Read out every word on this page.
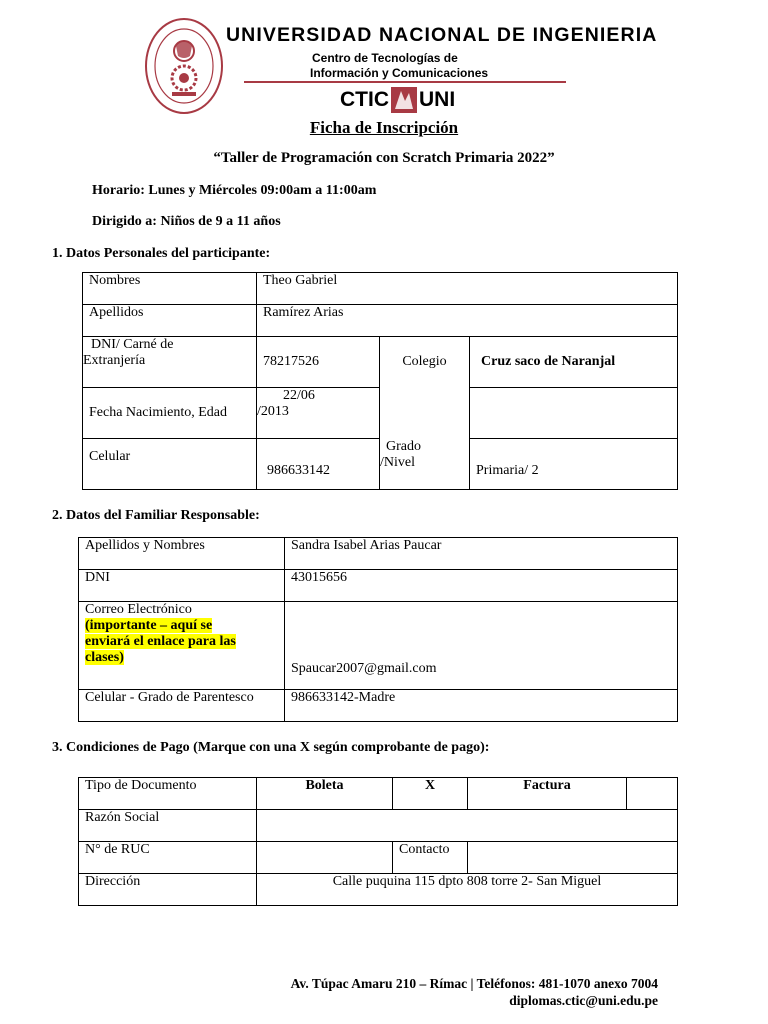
UNIVERSIDAD NACIONAL DE INGENIERIA
Centro de Tecnologías de
Información y Comunicaciones
CTIC UNI
Ficha de Inscripción
“Taller de Programación con Scratch Primaria 2022”
Horario: Lunes y Miércoles 09:00am a 11:00am
Dirigido a: Niños de 9 a 11 años
1. Datos Personales del participante:
Nombres	Theo Gabriel		
Apellidos	Ramírez Arias		

DNI/ Carné de
Extranjería	78217526	Colegio	Cruz saco de Naranjal
Fecha Nacimiento, Edad	22/06
/2013		

Celular	986633142	Grado
/Nivel	Primaria/ 2
2. Datos del Familiar Responsable:
Apellidos y Nombres	Sandra Isabel Arias Paucar
DNI	43015656

Correo Electrónico
(importante – aquí se
enviará el enlace para las
clases)	Spaucar2007@gmail.com
Celular - Grado de Parentesco	986633142-Madre
3. Condiciones de Pago (Marque con una X según comprobante de pago):
Tipo de Documento	Boleta	X	Factura	
Razón Social				
N° de RUC		Contacto		
Dirección	Calle puquina 115 dpto 808 torre 2- San Miguel			
Av. Túpac Amaru 210 – Rímac | Teléfonos: 481-1070 anexo 7004
diplomas.ctic@uni.edu.pe
